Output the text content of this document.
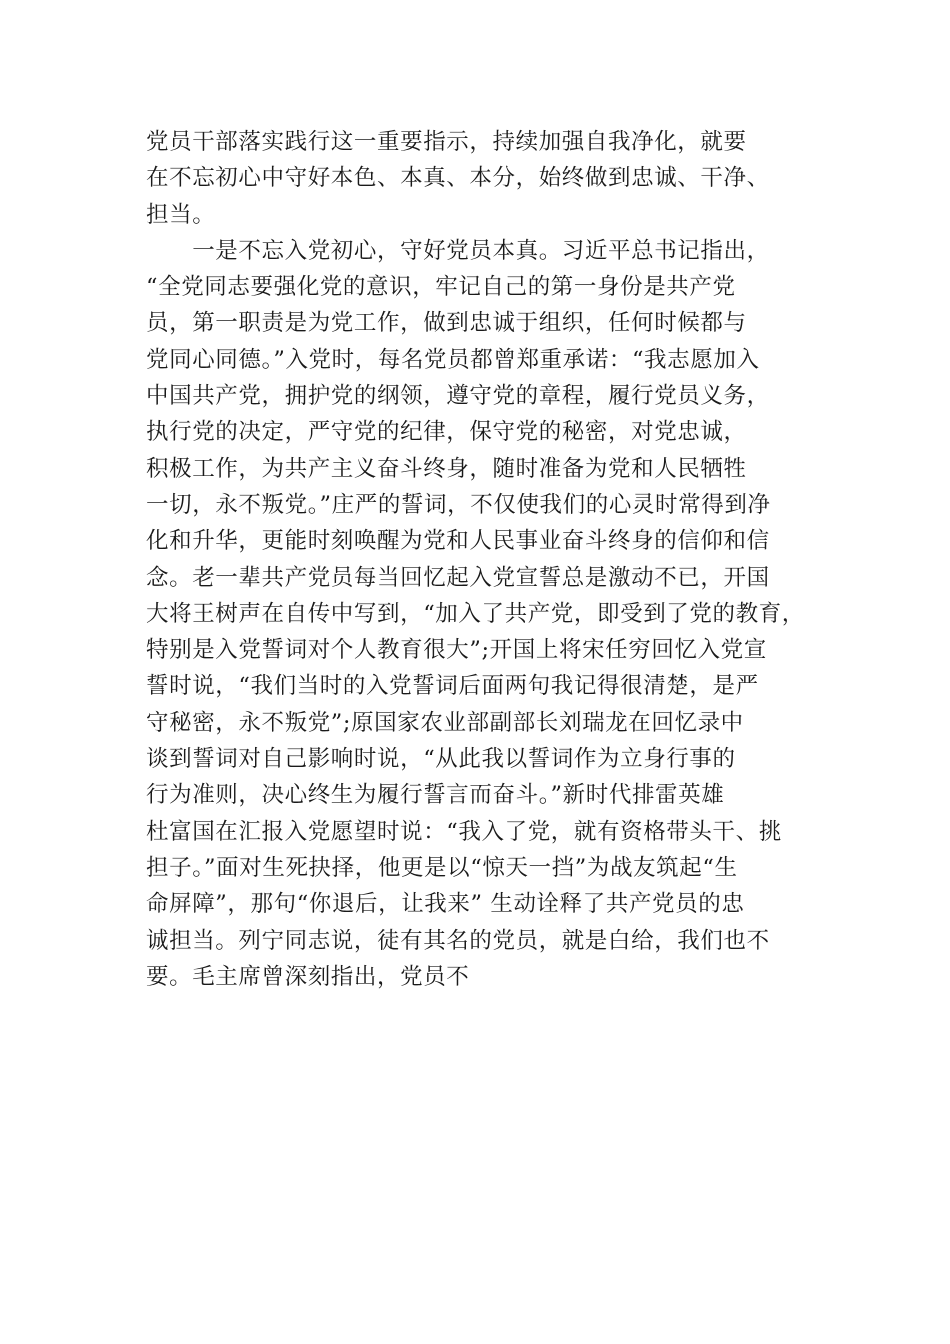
党员干部落实践行这一重要指示，持续加强自我净化，就要
在不忘初心中守好本色、本真、本分，始终做到忠诚、干净、
担当。
　　一是不忘入党初心，守好党员本真。习近平总书记指出，
“全党同志要强化党的意识，牢记自己的第一身份是共产党
员，第一职责是为党工作，做到忠诚于组织，任何时候都与
党同心同德。”入党时，每名党员都曾郑重承诺：“我志愿加入
中国共产党，拥护党的纲领，遵守党的章程，履行党员义务，
执行党的决定，严守党的纪律，保守党的秘密，对党忠诚，
积极工作，为共产主义奋斗终身，随时准备为党和人民牺牲
一切，永不叛党。”庄严的誓词，不仅使我们的心灵时常得到净
化和升华，更能时刻唤醒为党和人民事业奋斗终身的信仰和信
念。老一辈共产党员每当回忆起入党宣誓总是激动不已，开国
大将王树声在自传中写到，“加入了共产党，即受到了党的教育，
特别是入党誓词对个人教育很大”;开国上将宋任穷回忆入党宣
誓时说，“我们当时的入党誓词后面两句我记得很清楚，是严
守秘密，永不叛党”;原国家农业部副部长刘瑞龙在回忆录中
谈到誓词对自己影响时说，“从此我以誓词作为立身行事的
行为准则，决心终生为履行誓言而奋斗。”新时代排雷英雄
杜富国在汇报入党愿望时说：“我入了党，就有资格带头干、挑
担子。”面对生死抉择，他更是以“惊天一挡”为战友筑起“生
命屏障”，那句“你退后，让我来” 生动诠释了共产党员的忠
诚担当。列宁同志说，徒有其名的党员，就是白给，我们也不
要。毛主席曾深刻指出，党员不
